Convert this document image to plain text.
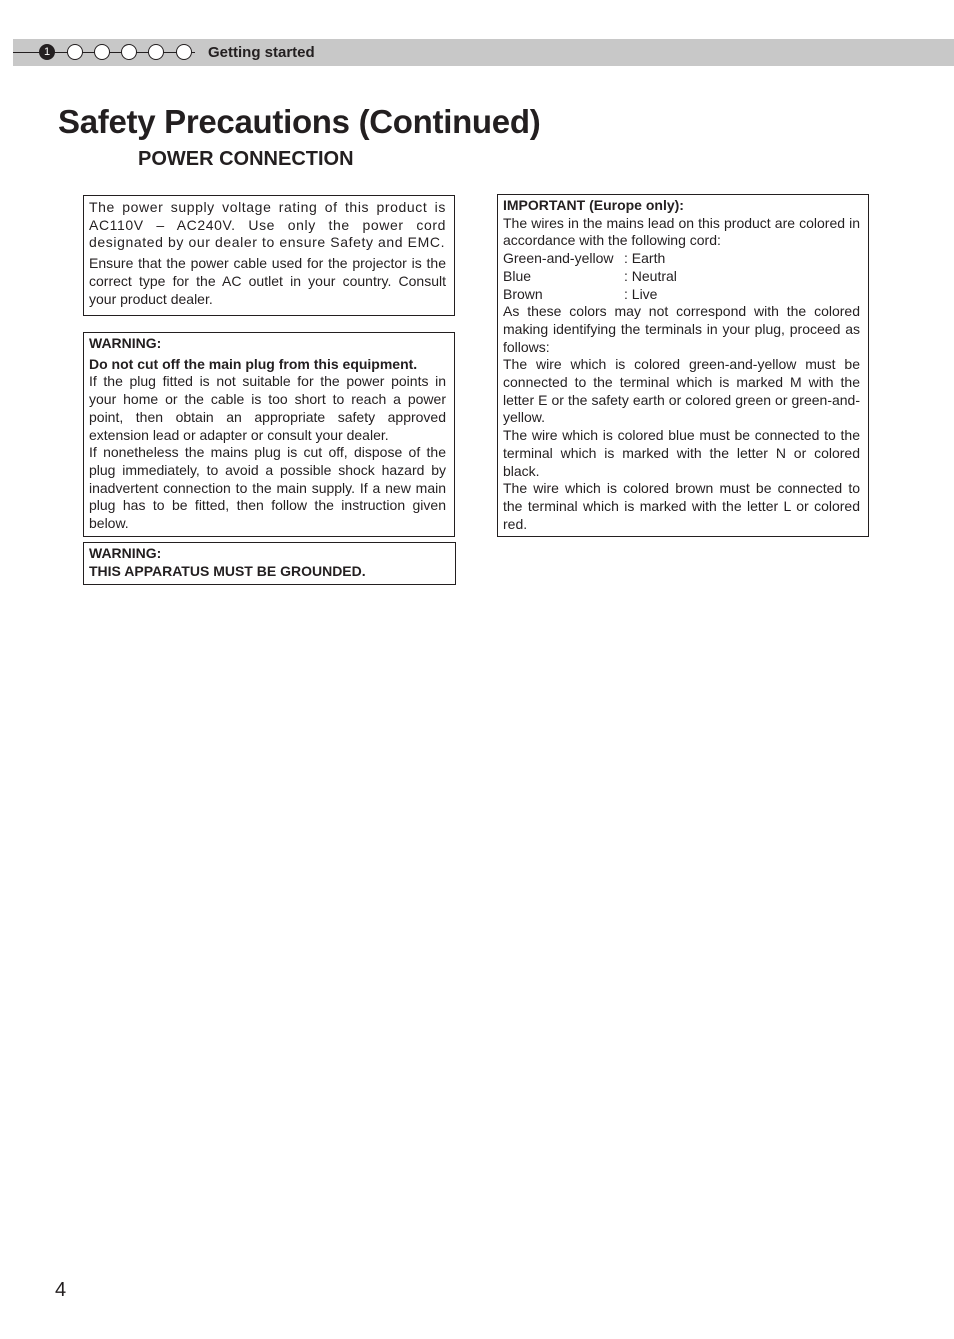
1	Getting started
Safety Precautions (Continued)
POWER CONNECTION

The power supply voltage rating of this product is AC110V – AC240V. Use only the power cord designated by our dealer to ensure Safety and EMC.

Ensure that the power cable used for the projector is the correct type for the AC outlet in your country. Consult your product dealer.

WARNING:

Do not cut off the main plug from this equipment.

If the plug fitted is not suitable for the power points in your home or the cable is too short to reach a power point, then obtain an appropriate safety approved extension lead or adapter or consult your dealer.

If nonetheless the mains plug is cut off, dispose of the plug immediately, to avoid a possible shock hazard by inadvertent connection to the main supply. If a new main plug has to be fitted, then follow the instruction given below.

WARNING:

THIS APPARATUS MUST BE GROUNDED.

IMPORTANT (Europe only):

The wires in the mains lead on this product are colored in accordance with the following cord:

Green-and-yellow : Earth
Blue	: Neutral
Brown	: Live

As these colors may not correspond with the colored making identifying the terminals in your plug, proceed as follows:

The wire which is colored green-and-yellow must be connected to the terminal which is marked M with the letter E or the safety earth or colored green or green-and-yellow.

The wire which is colored blue must be connected to the terminal which is marked with the letter N or colored black.

The wire which is colored brown must be connected to the terminal which is marked with the letter L or colored red.

4
